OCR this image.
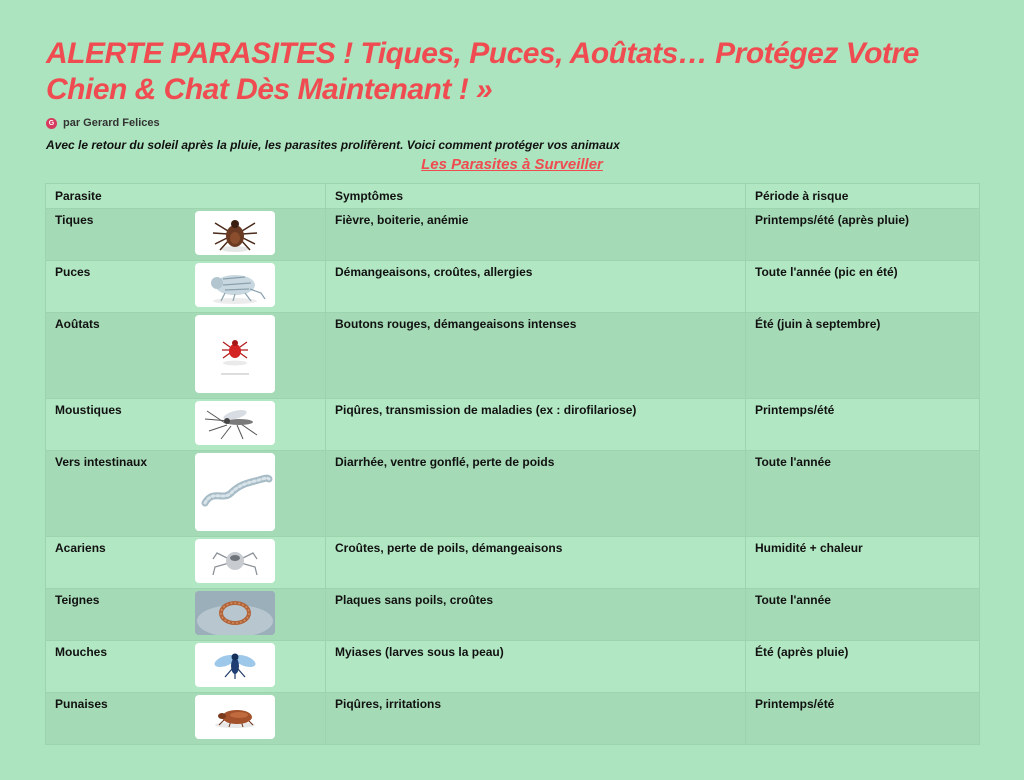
ALERTE PARASITES ! Tiques, Puces, Aoûtats… Protégez Votre Chien & Chat Dès Maintenant ! »
G par Gerard Felices

Avec le retour du soleil après la pluie, les parasites prolifèrent. Voici comment protéger vos animaux

Les Parasites à Surveiller
Parasite	Symptômes	Période à risque
Tiques	Fièvre, boiterie, anémie	Printemps/été (après pluie)
Puces	Démangeaisons, croûtes, allergies	Toute l'année (pic en été)
Aoûtats	Boutons rouges, démangeaisons intenses	Été (juin à septembre)
Moustiques	Piqûres, transmission de maladies (ex : dirofilariose)	Printemps/été
Vers intestinaux	Diarrhée, ventre gonflé, perte de poids	Toute l'année
Acariens	Croûtes, perte de poils, démangeaisons	Humidité + chaleur
Teignes	Plaques sans poils, croûtes	Toute l'année
Mouches	Myiases (larves sous la peau)	Été (après pluie)
Punaises	Piqûres, irritations	Printemps/été
